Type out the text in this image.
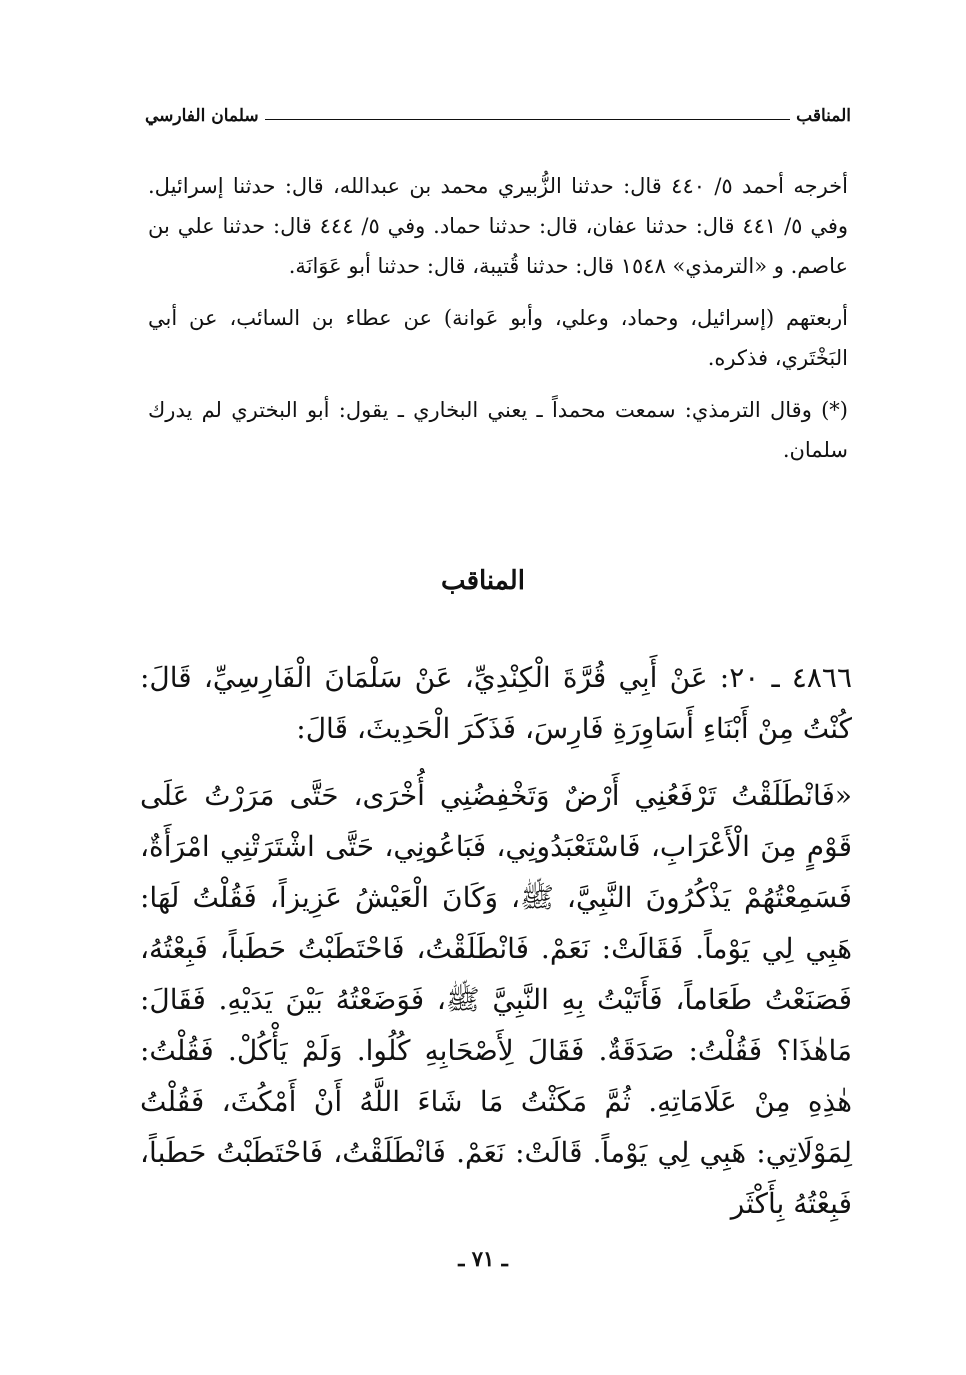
المناقب
سلمان الفارسي

أخرجه أحمد ٥/ ٤٤٠ قال: حدثنا الزُّبيري محمد بن عبدالله، قال: حدثنا إسرائيل. وفي ٥/ ٤٤١ قال: حدثنا عفان، قال: حدثنا حماد. وفي ٥/ ٤٤٤ قال: حدثنا علي بن عاصم. و «الترمذي» ١٥٤٨ قال: حدثنا قُتيبة، قال: حدثنا أبو عَوَانَة.

أربعتهم (إسرائيل، وحماد، وعلي، وأبو عَوانة) عن عطاء بن السائب، عن أبي البَخْتَري، فذكره.

(*) وقال الترمذي: سمعت محمداً ـ يعني البخاري ـ يقول: أبو البختري لم يدرك سلمان.

المناقب

٤٨٦٦ ـ ٢٠: عَنْ أَبِي قُرَّةَ الْكِنْدِيِّ، عَنْ سَلْمَانَ الْفَارِسِيِّ، قَالَ: كُنْتُ مِنْ أَبْنَاءِ أَسَاوِرَةِ فَارِسَ، فَذَكَرَ الْحَدِيثَ، قَالَ:

«فَانْطَلَقْتُ تَرْفَعُنِي أَرْضٌ وَتَخْفِضُنِي أُخْرَى، حَتَّى مَرَرْتُ عَلَى قَوْمٍ مِنَ الْأَعْرَابِ، فَاسْتَعْبَدُونِي، فَبَاعُونِي، حَتَّى اشْتَرَتْنِي امْرَأَةٌ، فَسَمِعْتُهُمْ يَذْكُرُونَ النَّبِيَّ، ﷺ، وَكَانَ الْعَيْشُ عَزِيزاً، فَقُلْتُ لَهَا: هَبِي لِي يَوْماً. فَقَالَتْ: نَعَمْ. فَانْطَلَقْتُ، فَاحْتَطَبْتُ حَطَباً، فَبِعْتُهُ، فَصَنَعْتُ طَعَاماً، فَأَتَيْتُ بِهِ النَّبِيَّ ﷺ، فَوَضَعْتُهُ بَيْنَ يَدَيْهِ. فَقَالَ: مَاهٰذَا؟ فَقُلْتُ: صَدَقَةٌ. فَقَالَ لِأَصْحَابِهِ كُلُوا. وَلَمْ يَأْكُلْ. فَقُلْتُ: هٰذِهِ مِنْ عَلَامَاتِهِ. ثُمَّ مَكَثْتُ مَا شَاءَ اللَّهُ أَنْ أَمْكُثَ، فَقُلْتُ لِمَوْلَاتِي: هَبِي لِي يَوْماً. قَالَتْ: نَعَمْ. فَانْطَلَقْتُ، فَاحْتَطَبْتُ حَطَباً، فَبِعْتُهُ بِأَكْثَر

ـ ٧١ ـ
